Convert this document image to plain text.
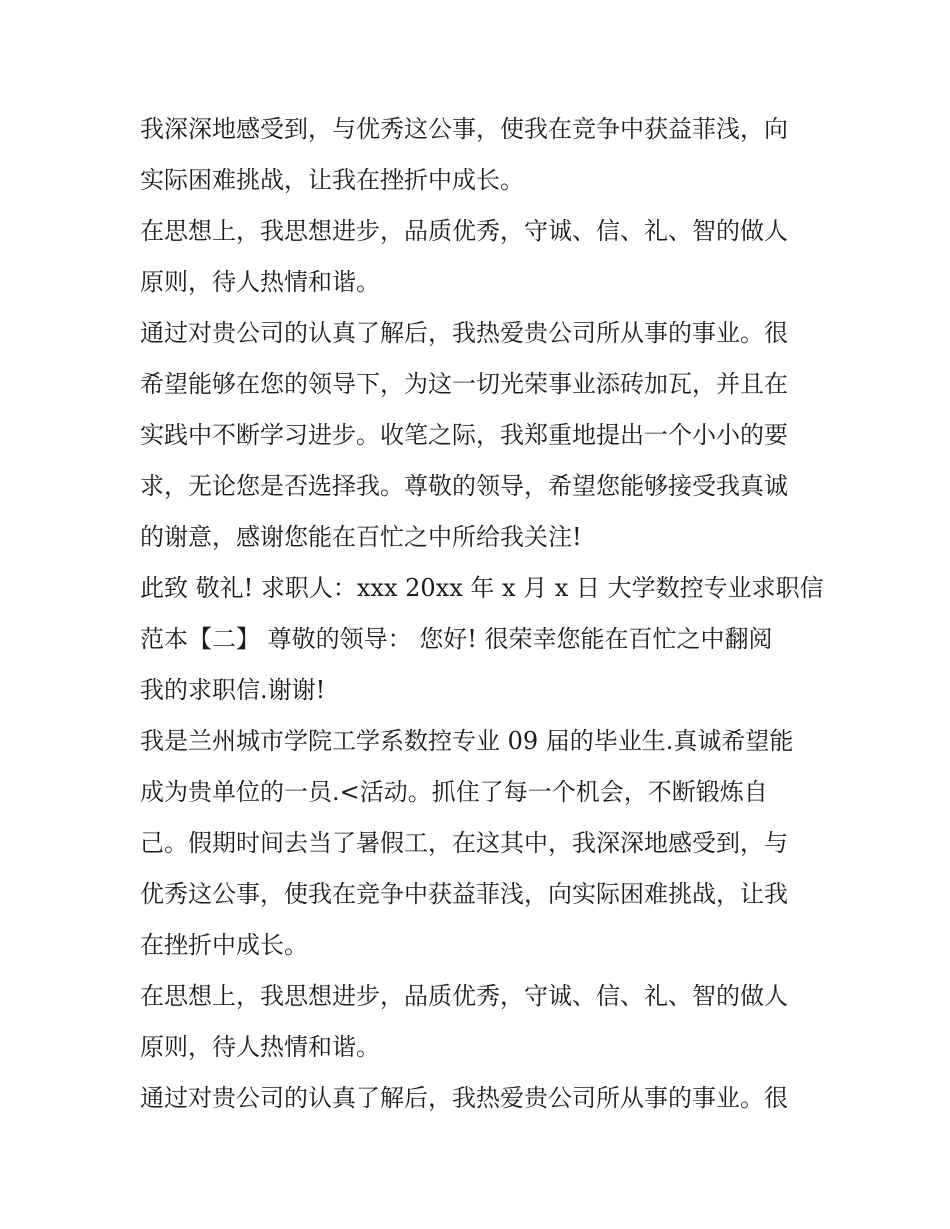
我深深地感受到，与优秀这公事，使我在竞争中获益菲浅，向
实际困难挑战，让我在挫折中成长。

在思想上，我思想进步，品质优秀，守诚、信、礼、智的做人
原则，待人热情和谐。

通过对贵公司的认真了解后，我热爱贵公司所从事的事业。很
希望能够在您的领导下，为这一切光荣事业添砖加瓦，并且在
实践中不断学习进步。收笔之际，我郑重地提出一个小小的要
求，无论您是否选择我。尊敬的领导，希望您能够接受我真诚
的谢意，感谢您能在百忙之中所给我关注!

此致 敬礼! 求职人：xxx 20xx 年 x 月 x 日 大学数控专业求职信
范本【二】 尊敬的领导： 您好! 很荣幸您能在百忙之中翻阅
我的求职信.谢谢!

我是兰州城市学院工学系数控专业 09 届的毕业生.真诚希望能
成为贵单位的一员.<活动。抓住了每一个机会，不断锻炼自
己。假期时间去当了暑假工，在这其中，我深深地感受到，与
优秀这公事，使我在竞争中获益菲浅，向实际困难挑战，让我
在挫折中成长。

在思想上，我思想进步，品质优秀，守诚、信、礼、智的做人
原则，待人热情和谐。

通过对贵公司的认真了解后，我热爱贵公司所从事的事业。很
